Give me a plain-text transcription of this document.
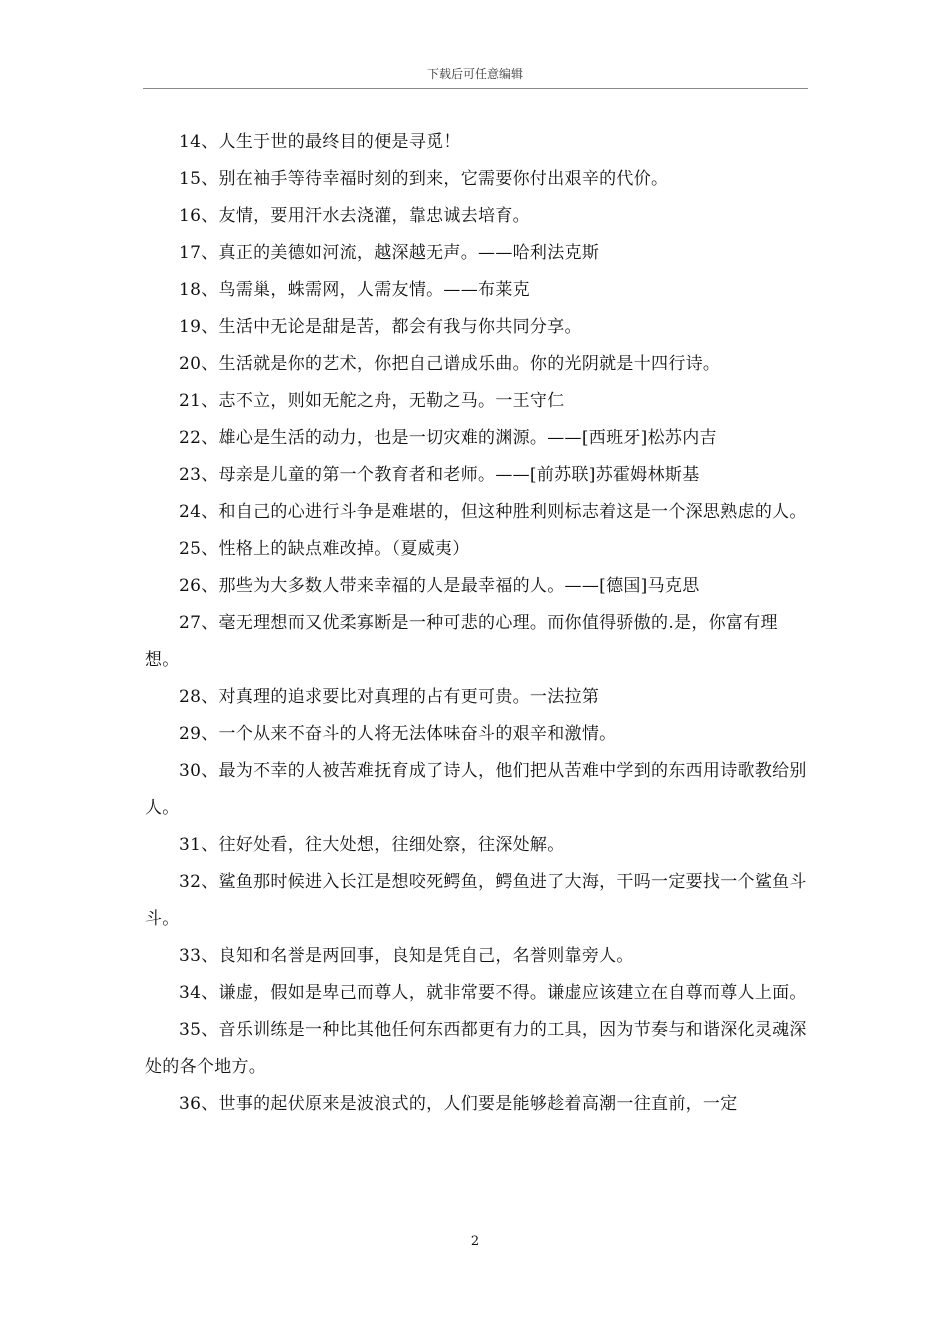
下载后可任意编辑

14、人生于世的最终目的便是寻觅！

15、别在袖手等待幸福时刻的到来，它需要你付出艰辛的代价。

16、友情，要用汗水去浇灌，靠忠诚去培育。

17、真正的美德如河流，越深越无声。——哈利法克斯

18、鸟需巢，蛛需网，人需友情。——布莱克

19、生活中无论是甜是苦，都会有我与你共同分享。

20、生活就是你的艺术，你把自己谱成乐曲。你的光阴就是十四行诗。

21、志不立，则如无舵之舟，无勒之马。一王守仁

22、雄心是生活的动力，也是一切灾难的渊源。——[西班牙]松苏内吉

23、母亲是儿童的第一个教育者和老师。——[前苏联]苏霍姆林斯基

24、和自己的心进行斗争是难堪的，但这种胜利则标志着这是一个深思熟虑的人。

25、性格上的缺点难改掉。（夏威夷）

26、那些为大多数人带来幸福的人是最幸福的人。——[德国]马克思

27、毫无理想而又优柔寡断是一种可悲的心理。而你值得骄傲的.是，你富有理想。

28、对真理的追求要比对真理的占有更可贵。一法拉第

29、一个从来不奋斗的人将无法体味奋斗的艰辛和激情。

30、最为不幸的人被苦难抚育成了诗人，他们把从苦难中学到的东西用诗歌教给别人。

31、往好处看，往大处想，往细处察，往深处解。

32、鲨鱼那时候进入长江是想咬死鳄鱼，鳄鱼进了大海，干吗一定要找一个鲨鱼斗斗。

33、良知和名誉是两回事，良知是凭自己，名誉则靠旁人。

34、谦虚，假如是卑己而尊人，就非常要不得。谦虚应该建立在自尊而尊人上面。

35、音乐训练是一种比其他任何东西都更有力的工具，因为节奏与和谐深化灵魂深处的各个地方。

36、世事的起伏原来是波浪式的，人们要是能够趁着高潮一往直前，一定

2
